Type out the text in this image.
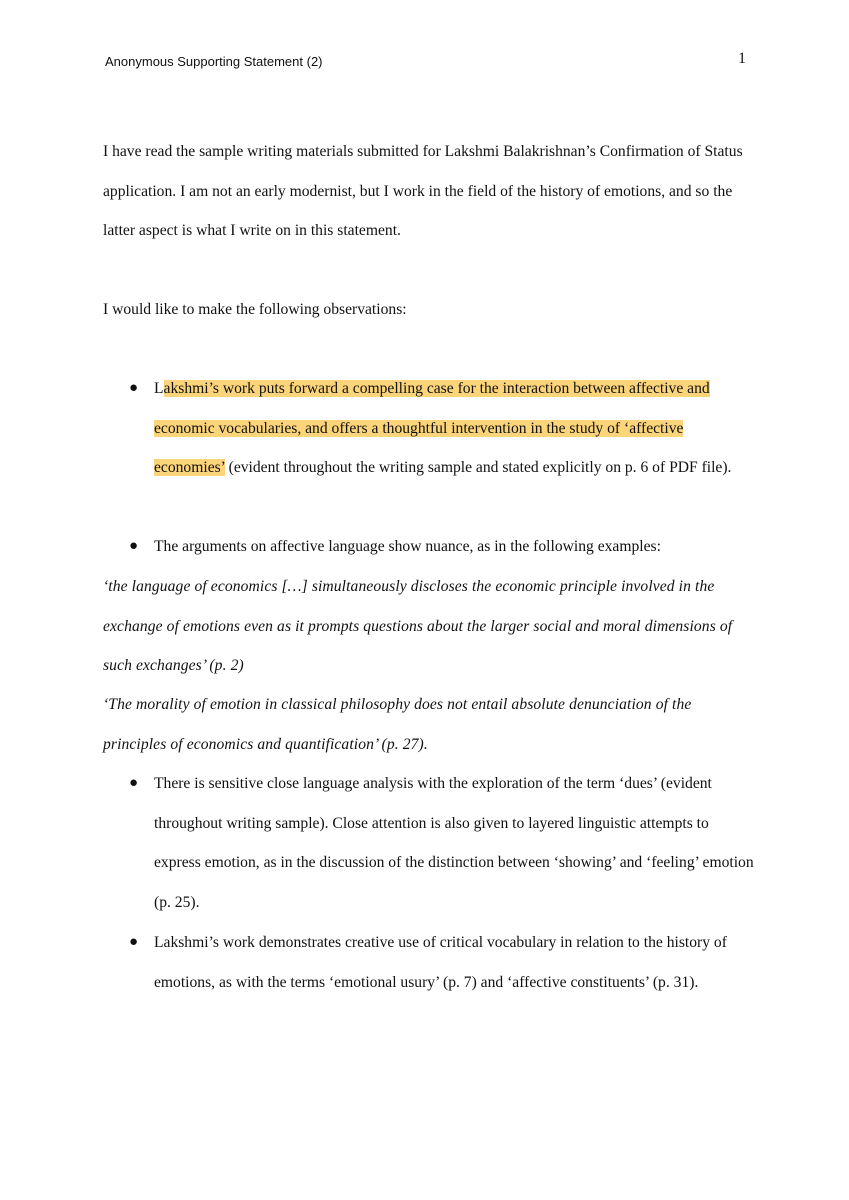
Anonymous Supporting Statement (2)	1

I have read the sample writing materials submitted for Lakshmi Balakrishnan’s Confirmation of Status application. I am not an early modernist, but I work in the field of the history of emotions, and so the latter aspect is what I write on in this statement.

I would like to make the following observations:

● Lakshmi’s work puts forward a compelling case for the interaction between affective and economic vocabularies, and offers a thoughtful intervention in the study of ‘affective economies’ (evident throughout the writing sample and stated explicitly on p. 6 of PDF file).
● The arguments on affective language show nuance, as in the following examples:

‘the language of economics […] simultaneously discloses the economic principle involved in the exchange of emotions even as it prompts questions about the larger social and moral dimensions of such exchanges’ (p. 2)

‘The morality of emotion in classical philosophy does not entail absolute denunciation of the principles of economics and quantification’ (p. 27).

● There is sensitive close language analysis with the exploration of the term ‘dues’ (evident throughout writing sample). Close attention is also given to layered linguistic attempts to express emotion, as in the discussion of the distinction between ‘showing’ and ‘feeling’ emotion (p. 25).
● Lakshmi’s work demonstrates creative use of critical vocabulary in relation to the history of emotions, as with the terms ‘emotional usury’ (p. 7) and ‘affective constituents’ (p. 31).
